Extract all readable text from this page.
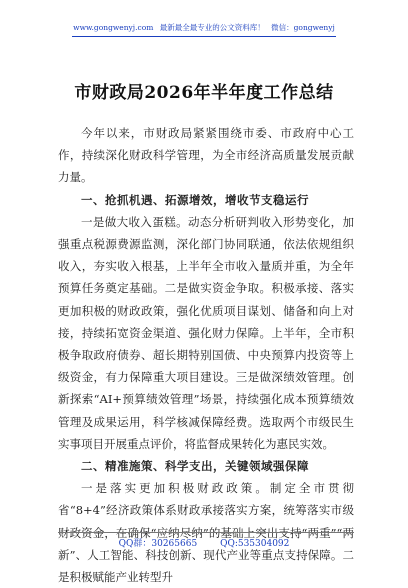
www.gongwenyj.com 最新最全最专业的公文资料库！ 微信：gongwenyj
市财政局2026年半年度工作总结

今年以来，市财政局紧紧围绕市委、市政府中心工作，持续深化财政科学管理，为全市经济高质量发展贡献力量。

一、抢抓机遇、拓源增效，增收节支稳运行

一是做大收入蛋糕。动态分析研判收入形势变化，加强重点税源费源监测，深化部门协同联通，依法依规组织收入，夯实收入根基，上半年全市收入量质并重，为全年预算任务奠定基础。二是做实资金争取。积极承接、落实更加积极的财政政策，强化优质项目谋划、储备和向上对接，持续拓宽资金渠道、强化财力保障。上半年，全市积极争取政府债券、超长期特别国债、中央预算内投资等上级资金，有力保障重大项目建设。三是做深绩效管理。创新探索“AI+预算绩效管理”场景，持续强化成本预算绩效管理及成果运用，科学核减保障经费。选取两个市级民生实事项目开展重点评价，将监督成果转化为惠民实效。

二、精准施策、科学支出，关键领域强保障

一是落实更加积极财政政策。制定全市贯彻省“8+4”经济政策体系财政承接落实方案，统筹落实市级财政资金，在确保“应纳尽纳”的基础上突出支持“两重”“两新”、人工智能、科技创新、现代产业等重点支持保障。二是积极赋能产业转型升

QQ群：30265665	QQ:535304092
